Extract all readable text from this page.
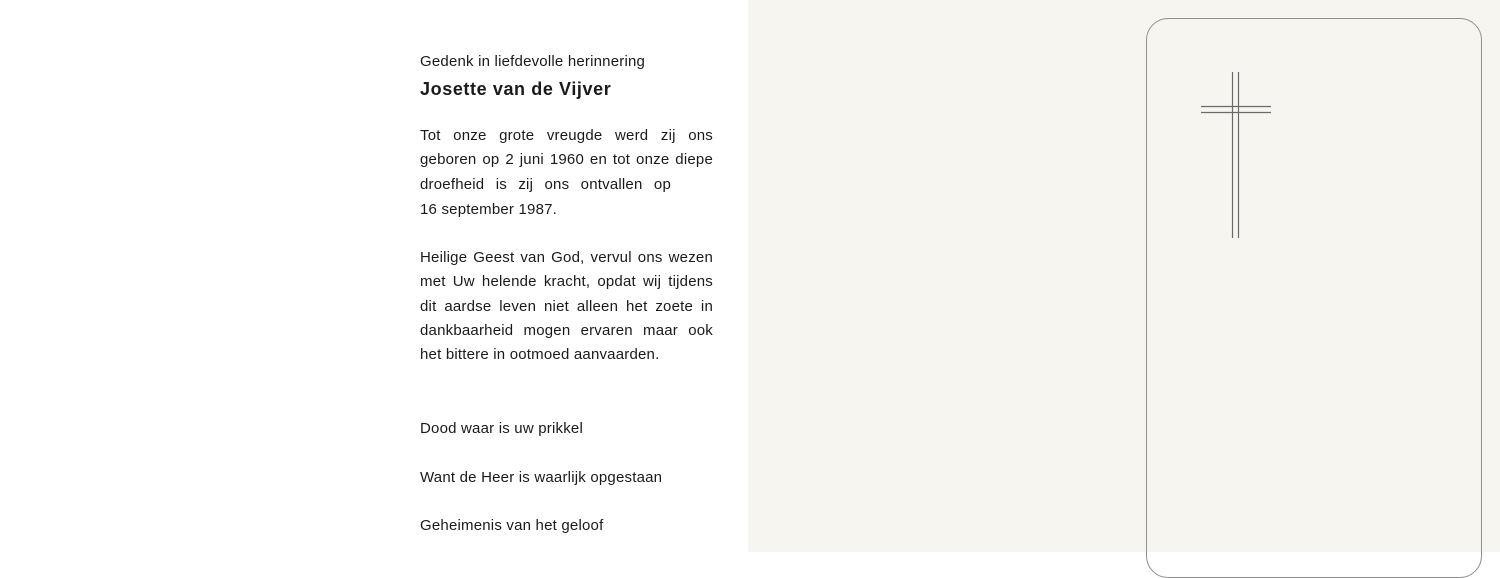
Gedenk in liefdevolle herinnering

Josette van de Vijver

Tot onze grote vreugde werd zij ons

geboren op 2 juni 1960 en tot onze diepe

droefheid is zij ons ontvallen op

16 september 1987.

Heilige Geest van God, vervul ons wezen

met Uw helende kracht, opdat wij tijdens

dit aardse leven niet alleen het zoete in

dankbaarheid mogen ervaren maar ook

het bittere in ootmoed aanvaarden.

Dood waar is uw prikkel

Want de Heer is waarlijk opgestaan

Geheimenis van het geloof
